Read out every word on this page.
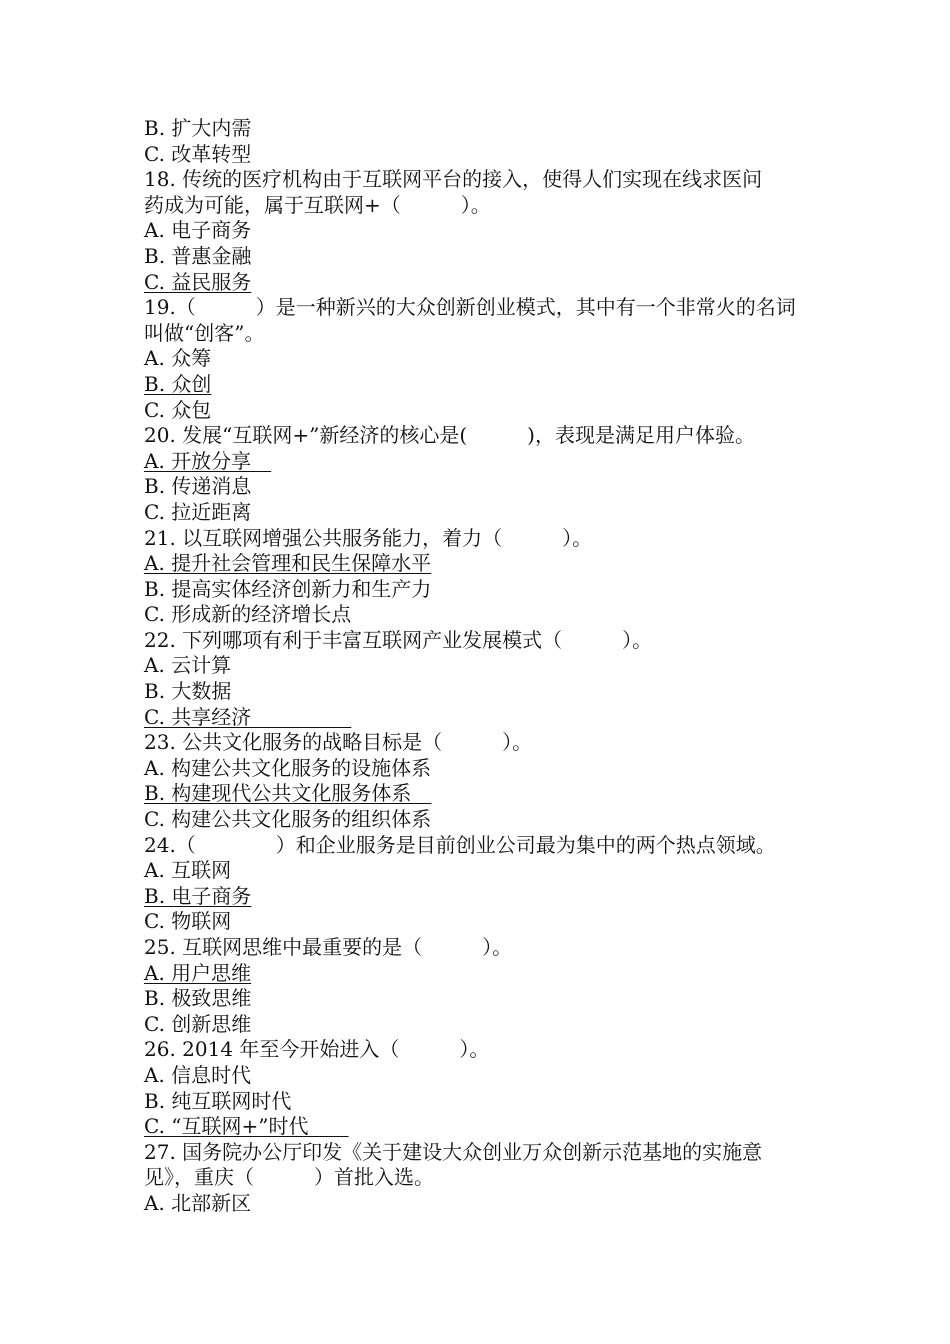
B. 扩大内需
C. 改革转型
18. 传统的医疗机构由于互联网平台的接入，使得人们实现在线求医问
药成为可能，属于互联网+（　　　）。
A. 电子商务
B. 普惠金融
C. 益民服务
19.（　　　）是一种新兴的大众创新创业模式，其中有一个非常火的名词
叫做“创客”。
A. 众筹
B. 众创
C. 众包
20. 发展“互联网+”新经济的核心是(　　　)，表现是满足用户体验。
A. 开放分享　
B. 传递消息
C. 拉近距离
21. 以互联网增强公共服务能力，着力（　　　）。
A. 提升社会管理和民生保障水平
B. 提高实体经济创新力和生产力
C. 形成新的经济增长点
22. 下列哪项有利于丰富互联网产业发展模式（　　　）。
A. 云计算
B. 大数据
C. 共享经济　　　　　
23. 公共文化服务的战略目标是（　　　）。
A. 构建公共文化服务的设施体系
B. 构建现代公共文化服务体系　
C. 构建公共文化服务的组织体系
24.（　　　　）和企业服务是目前创业公司最为集中的两个热点领域。
A. 互联网
B. 电子商务
C. 物联网
25. 互联网思维中最重要的是（　　　）。
A. 用户思维
B. 极致思维
C. 创新思维
26. 2014 年至今开始进入（　　　）。
A. 信息时代
B. 纯互联网时代
C. “互联网+”时代　　
27. 国务院办公厅印发《关于建设大众创业万众创新示范基地的实施意
见》，重庆（　　　）首批入选。
A. 北部新区
